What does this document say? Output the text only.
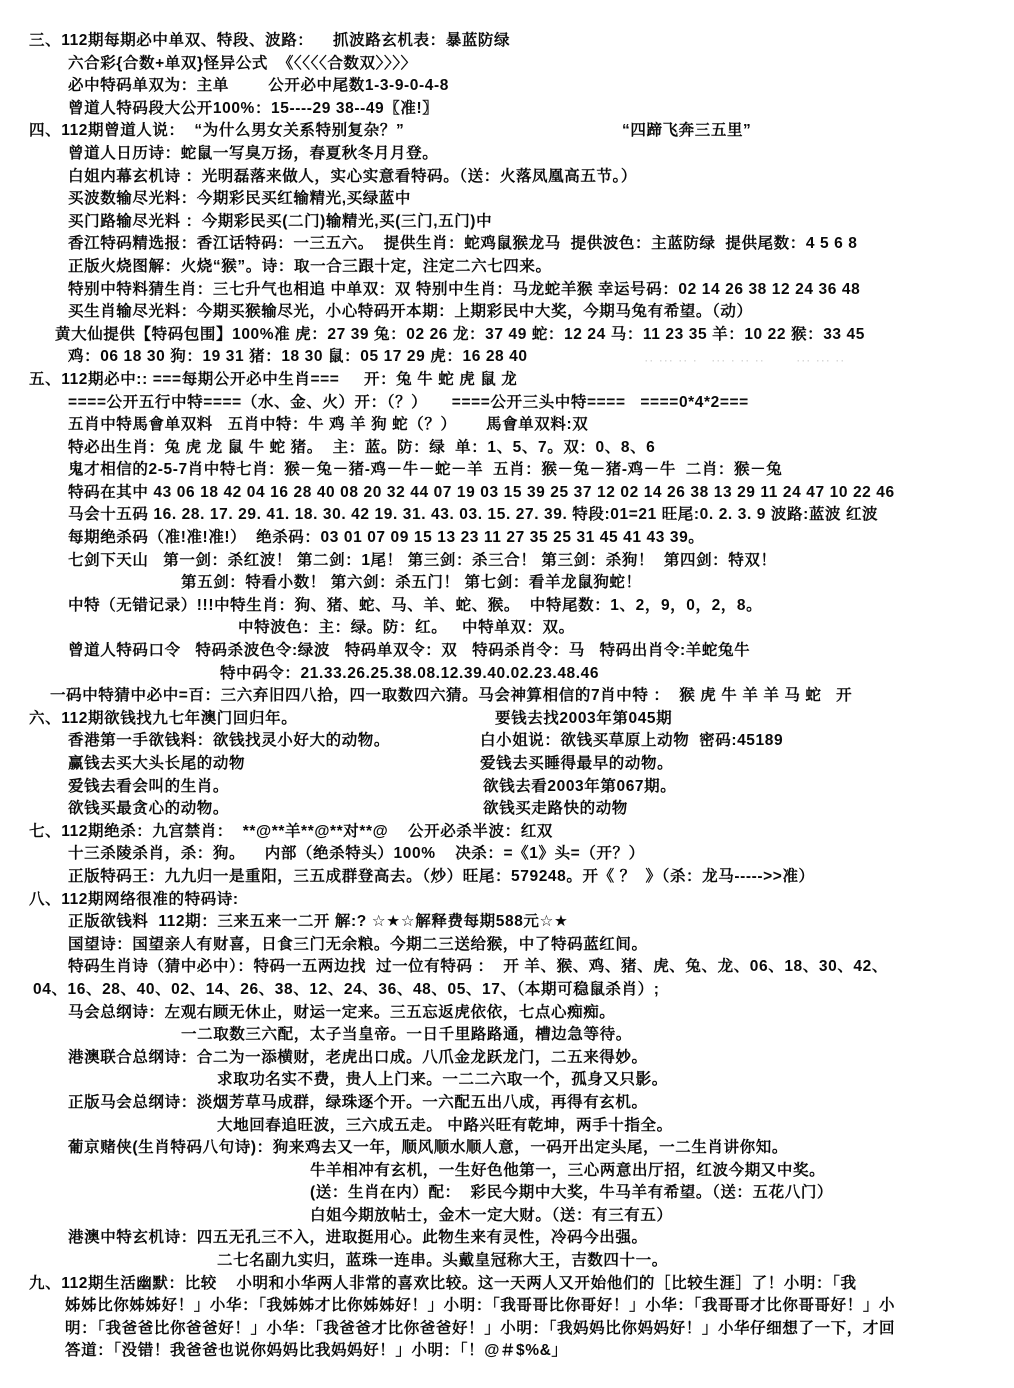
三、112期每期必中单双、特段、波路：    抓波路玄机表：暴蓝防绿
六合彩{合数+单双}怪异公式  《〈〈〈〈合数双〉〉〉〉
必中特码单双为：主单        公开必中尾数1-3-9-0-4-8
曾道人特码段大公开100%：15----29 38--49〖准!〗
四、112期曾道人说：  “为什么男女关系特别复杂？”	“四蹄飞奔三五里”
曾道人日历诗：蛇鼠一写臭万扬，春夏秋冬月月登。
白姐内幕玄机诗 ：光明磊落来做人，实心实意看特码。（送：火落凤凰高五节。）
买波数输尽光料：今期彩民买红输精光,买绿蓝中
买门路输尽光料 ：今期彩民买(二门)输精光,买(三门,五门)中
香江特码精选报：香江话特码：一三五六。  提供生肖：蛇鸡鼠猴龙马  提供波色：主蓝防绿  提供尾数：4 5 6 8
正版火烧图解：火烧“猴”。诗：取一合三跟十定，注定二六七四来。
特别中特料猜生肖：三七升气也相追 中单双：双 特别中生肖：马龙蛇羊猴 幸运号码：02 14 26 38 12 24 36 48
买生肖输尽光料：今期买猴输尽光，小心特码开本期：上期彩民中大奖，今期马兔有希望。（动）
黄大仙提供【特码包围】100%准 虎：27 39 兔：02 26 龙：37 49 蛇：12 24 马：11 23 35 羊：10 22 猴：33 45
鸡：06 18 30 狗：19 31 猪：18 30 鼠：05 17 29 虎：16 28 40	·· ··· ·· ·   ··· · ·· ··       ··· ··· ··
五、112期必中:: ===每期公开必中生肖===     开：兔 牛 蛇 虎 鼠 龙
====公开五行中特====（水、金、火）开：（？）     ====公开三头中特====   ====0*4*2===
五肖中特馬會单双料   五肖中特：牛 鸡 羊 狗 蛇（？）      馬會单双料:双
特必出生肖：兔 虎 龙 鼠 牛 蛇 猪。  主：蓝。防：绿  单：1、5、7。双：0、8、6
鬼才相信的2-5-7肖中特七肖：猴－兔－猪-鸡－牛－蛇－羊  五肖：猴－兔－猪-鸡－牛  二肖：猴－兔
特码在其中 43 06 18 42 04 16 28 40 08 20 32 44 07 19 03 15 39 25 37 12 02 14 26 38 13 29 11 24 47 10 22 46
马会十五码 16. 28. 17. 29. 41. 18. 30. 42 19. 31. 43. 03. 15. 27. 39. 特段:01=21 旺尾:0. 2. 3. 9 波路:蓝波 红波
每期绝杀码（准!准!准!）  绝杀码：03 01 07 09 15 13 23 11 27 35 25 31 45 41 43 39。
七剑下天山   第一剑：杀红波！ 第二剑：1尾！ 第三剑：杀三合！ 第三剑：杀狗！  第四剑：特双！
第五剑：特看小数！ 第六剑：杀五门！ 第七剑：看羊龙鼠狗蛇！
中特（无错记录）!!!中特生肖：狗、猪、蛇、马、羊、蛇、猴。  中特尾数：1、2，9，0，2，8。
中特波色：主：绿。防：红。   中特单双：双。
曾道人特码口令   特码杀波色令:绿波   特码单双令：双   特码杀肖令：马   特码出肖令:羊蛇兔牛
特中码令：21.33.26.25.38.08.12.39.40.02.23.48.46
一码中特猜中必中=百：三六弃旧四八拾，四一取数四六猜。马会神算相信的7肖中特 ：  猴 虎 牛 羊 羊 马 蛇   开
六、112期欲钱找九七年澳门回归年。	要钱去找2003年第045期
香港第一手欲钱料：欲钱找灵小好大的动物。	白小姐说：欲钱买草原上动物  密码:45189
赢钱去买大头长尾的动物	爱钱去买睡得最早的动物。
爱钱去看会叫的生肖。	欲钱去看2003年第067期。
欲钱买最贪心的动物。	欲钱买走路快的动物
七、112期绝杀：九宫禁肖：  **@**羊**@**对**@    公开必杀半波：红双
十三杀陵杀肖，杀：狗。    内部（绝杀特头）100%    决杀：=《1》头=（开？）
正版特码王：九九归一是重阳，三五成群登高去。（炒）旺尾：579248。开《 ？  》（杀：龙马----->>准）
八、112期网络很准的特码诗:
正版欲钱料  112期：三来五来一二开 解:? ☆★☆解释费每期588元☆★
国望诗：国望亲人有财喜，日食三门无余粮。今期二三送给猴，中了特码蓝红间。
特码生肖诗（猜中必中）：特码一五两边找  过一位有特码 ：  开 羊、猴、鸡、猪、虎、兔、龙、06、18、30、42、
04、16、28、40、02、14、26、38、12、24、36、48、05、17、（本期可稳鼠杀肖）;
马会总纲诗：左观右顾无休止，财运一定来。三五忘返虎依依，七点心痴痴。
一二取数三六配，太子当皇帝。一日千里路路通，槽边急等待。
港澳联合总纲诗：合二为一添横财，老虎出口成。八爪金龙跃龙门，二五来得妙。
求取功名实不费，贵人上门来。一二二六取一个，孤身又只影。
正版马会总纲诗：淡烟芳草马成群，绿珠逐个开。一六配五出八成，再得有玄机。
大地回春追旺波，三六成五走。 中路兴旺有乾坤，两手十指全。
葡京赌侠(生肖特码八句诗)：狗来鸡去又一年，顺风顺水顺人意，一码开出定头尾，一二生肖讲你知。
牛羊相冲有玄机，一生好色他第一，三心两意出厅招，红波今期又中奖。
(送：生肖在内）配：  彩民今期中大奖，牛马羊有希望。（送：五花八门）
白姐今期放帖士，金木一定大财。（送：有三有五）
港澳中特玄机诗：四五无孔三不入，进取挺用心。此物生来有灵性，冷码今出强。
二七名副九实归，蓝珠一连串。头戴皇冠称大王，吉数四十一。
九、112期生活幽默：比较    小明和小华两人非常的喜欢比较。这一天两人又开始他们的［比较生涯］了！小明：「我
姊姊比你姊姊好！」小华：「我姊姊才比你姊姊好！」小明：「我哥哥比你哥好！」小华：「我哥哥才比你哥哥好！」小
明：「我爸爸比你爸爸好！」小华：「我爸爸才比你爸爸好！」小明：「我妈妈比你妈妈好！」小华仔细想了一下，才回
答道：「没错！我爸爸也说你妈妈比我妈妈好！」小明：「！@＃$%&」
